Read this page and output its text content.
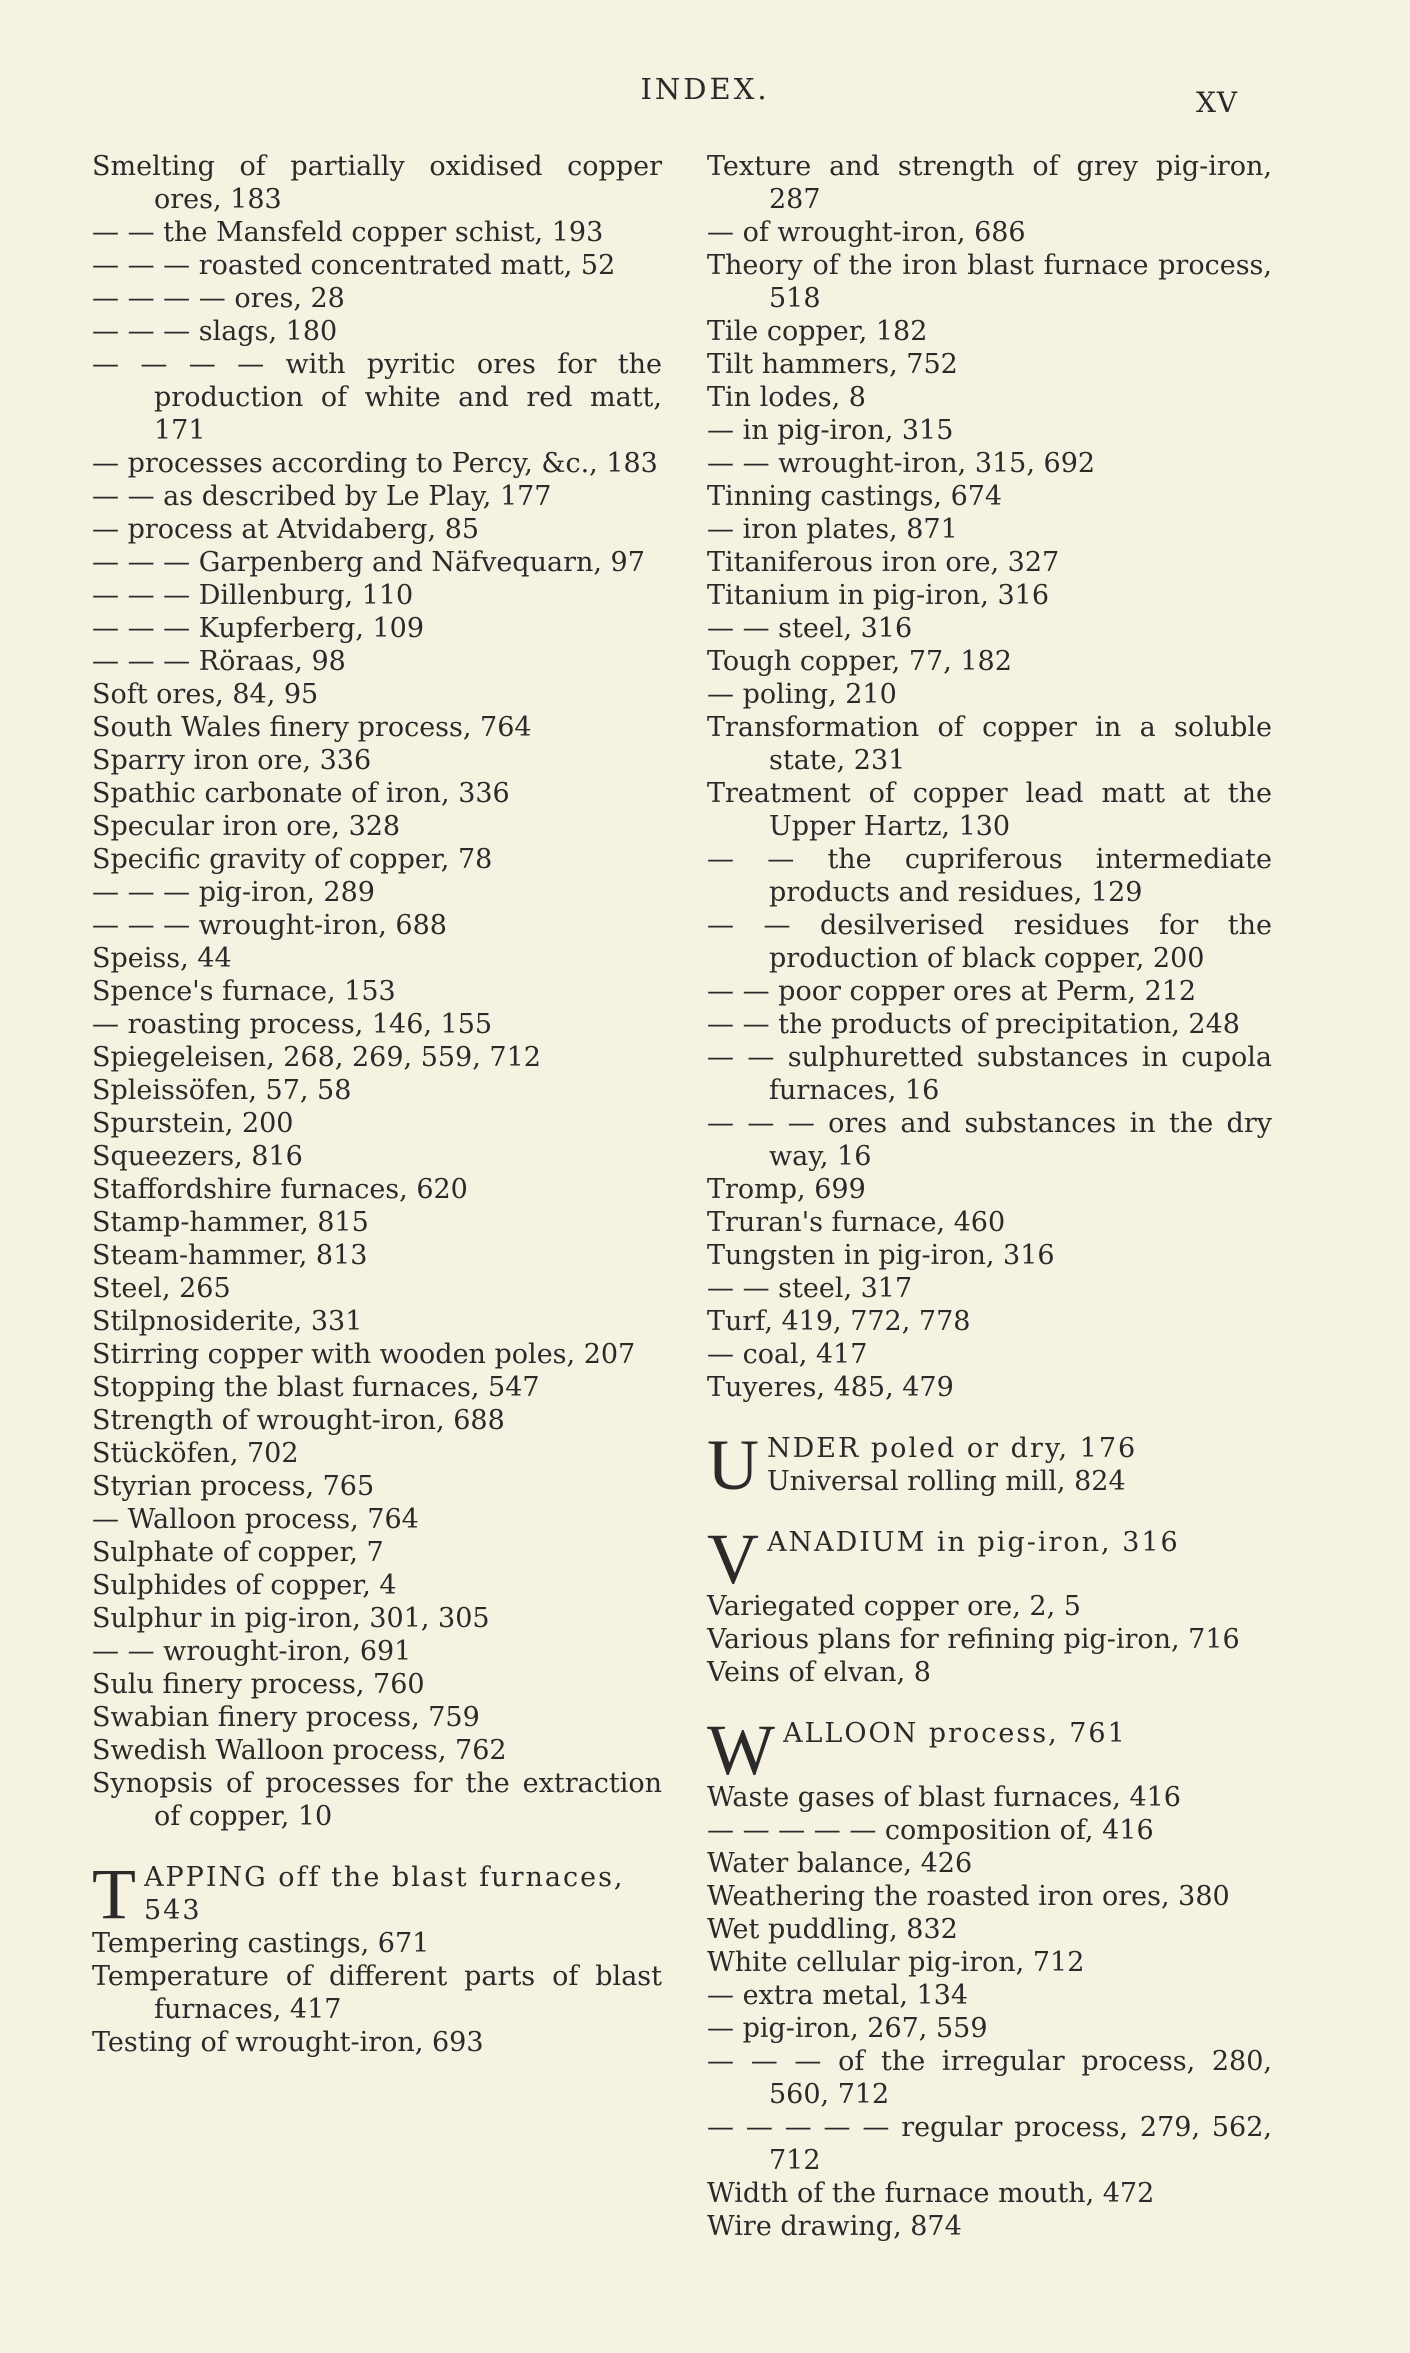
INDEX.	XV
Smelting of partially oxidised copper ores, 183
— — the Mansfeld copper schist, 193
— — — roasted concentrated matt, 52
— — — — ores, 28
— — — slags, 180
— — — — with pyritic ores for the production of white and red matt, 171
— processes according to Percy, &c., 183
— — as described by Le Play, 177
— process at Atvidaberg, 85
— — — Garpenberg and Näfvequarn, 97
— — — Dillenburg, 110
— — — Kupferberg, 109
— — — Röraas, 98
Soft ores, 84, 95
South Wales finery process, 764
Sparry iron ore, 336
Spathic carbonate of iron, 336
Specular iron ore, 328
Specific gravity of copper, 78
— — — pig-iron, 289
— — — wrought-iron, 688
Speiss, 44
Spence's furnace, 153
— roasting process, 146, 155
Spiegeleisen, 268, 269, 559, 712
Spleissöfen, 57, 58
Spurstein, 200
Squeezers, 816
Staffordshire furnaces, 620
Stamp-hammer, 815
Steam-hammer, 813
Steel, 265
Stilpnosiderite, 331
Stirring copper with wooden poles, 207
Stopping the blast furnaces, 547
Strength of wrought-iron, 688
Stücköfen, 702
Styrian process, 765
— Walloon process, 764
Sulphate of copper, 7
Sulphides of copper, 4
Sulphur in pig-iron, 301, 305
— — wrought-iron, 691
Sulu finery process, 760
Swabian finery process, 759
Swedish Walloon process, 762
Synopsis of processes for the extraction of copper, 10
T APPING off the blast furnaces, 543
Tempering castings, 671
Temperature of different parts of blast furnaces, 417
Testing of wrought-iron, 693
Texture and strength of grey pig-iron, 287
— of wrought-iron, 686
Theory of the iron blast furnace process, 518
Tile copper, 182
Tilt hammers, 752
Tin lodes, 8
— in pig-iron, 315
— — wrought-iron, 315, 692
Tinning castings, 674
— iron plates, 871
Titaniferous iron ore, 327
Titanium in pig-iron, 316
— — steel, 316
Tough copper, 77, 182
— poling, 210
Transformation of copper in a soluble state, 231
Treatment of copper lead matt at the Upper Hartz, 130
— — the cupriferous intermediate products and residues, 129
— — desilverised residues for the production of black copper, 200
— — poor copper ores at Perm, 212
— — the products of precipitation, 248
— — sulphuretted substances in cupola furnaces, 16
— — — ores and substances in the dry way, 16
Tromp, 699
Truran's furnace, 460
Tungsten in pig-iron, 316
— — steel, 317
Turf, 419, 772, 778
— coal, 417
Tuyeres, 485, 479
U NDER poled or dry, 176
Universal rolling mill, 824
V ANADIUM in pig-iron, 316
Variegated copper ore, 2, 5
Various plans for refining pig-iron, 716
Veins of elvan, 8
W ALLOON process, 761
Waste gases of blast furnaces, 416
— — — — — composition of, 416
Water balance, 426
Weathering the roasted iron ores, 380
Wet puddling, 832
White cellular pig-iron, 712
— extra metal, 134
— pig-iron, 267, 559
— — — of the irregular process, 280, 560, 712
— — — — — regular process, 279, 562, 712
Width of the furnace mouth, 472
Wire drawing, 874
